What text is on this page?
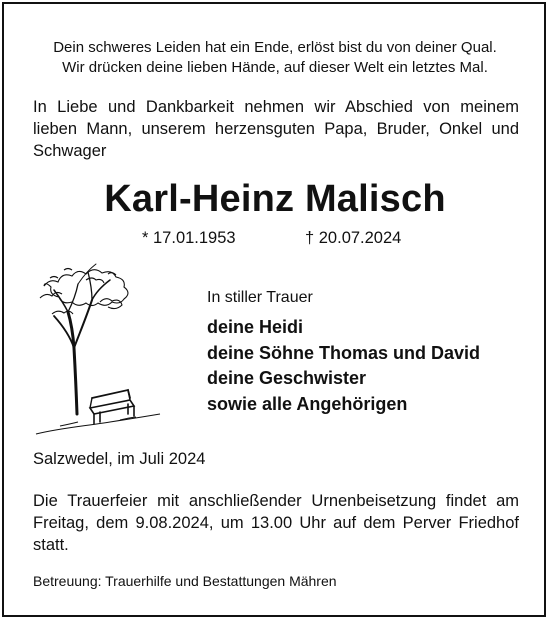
Dein schweres Leiden hat ein Ende, erlöst bist du von deiner Qual.
Wir drücken deine lieben Hände, auf dieser Welt ein letztes Mal.
In Liebe und Dankbarkeit nehmen wir Abschied von meinem
lieben Mann, unserem herzensguten Papa, Bruder, Onkel und
Schwager
Karl-Heinz Malisch
* 17.01.1953	† 20.07.2024
In stiller Trauer
deine Heidi
deine Söhne Thomas und David
deine Geschwister
sowie alle Angehörigen
Salzwedel, im Juli 2024
Die Trauerfeier mit anschließender Urnenbeisetzung findet am
Freitag, dem 9.08.2024, um 13.00 Uhr auf dem Perver Friedhof
statt.
Betreuung: Trauerhilfe und Bestattungen Mähren
